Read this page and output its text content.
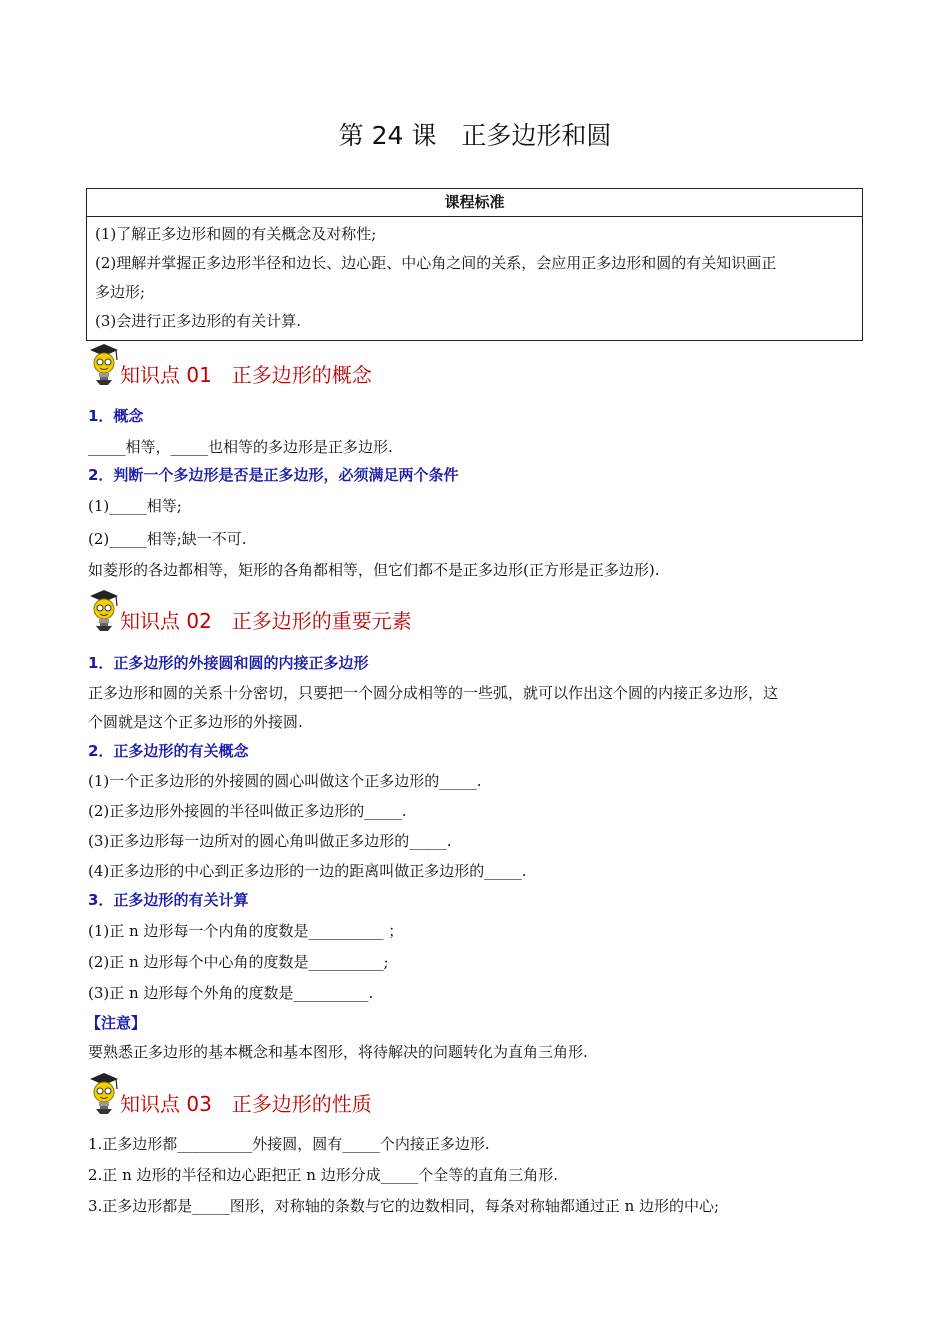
第 24 课　正多边形和圆
课程标准
(1)了解正多边形和圆的有关概念及对称性;
(2)理解并掌握正多边形半径和边长、边心距、中心角之间的关系，会应用正多边形和圆的有关知识画正
多边形;
(3)会进行正多边形的有关计算.
知识点 01　正多边形的概念
1．概念
_____相等，_____也相等的多边形是正多边形.
2．判断一个多边形是否是正多边形，必须满足两个条件
(1)_____相等;
(2)_____相等;缺一不可.
如菱形的各边都相等，矩形的各角都相等，但它们都不是正多边形(正方形是正多边形).
知识点 02　正多边形的重要元素
1．正多边形的外接圆和圆的内接正多边形
正多边形和圆的关系十分密切，只要把一个圆分成相等的一些弧，就可以作出这个圆的内接正多边形，这
个圆就是这个正多边形的外接圆.
2．正多边形的有关概念
(1)一个正多边形的外接圆的圆心叫做这个正多边形的_____.
(2)正多边形外接圆的半径叫做正多边形的_____.
(3)正多边形每一边所对的圆心角叫做正多边形的_____.
(4)正多边形的中心到正多边形的一边的距离叫做正多边形的_____.
3．正多边形的有关计算
(1)正 n 边形每一个内角的度数是__________ ；
(2)正 n 边形每个中心角的度数是__________;
(3)正 n 边形每个外角的度数是__________.
【注意】
要熟悉正多边形的基本概念和基本图形，将待解决的问题转化为直角三角形.
知识点 03　正多边形的性质
1.正多边形都__________外接圆，圆有_____个内接正多边形.
2.正 n 边形的半径和边心距把正 n 边形分成_____个全等的直角三角形.
3.正多边形都是_____图形，对称轴的条数与它的边数相同，每条对称轴都通过正 n 边形的中心;
